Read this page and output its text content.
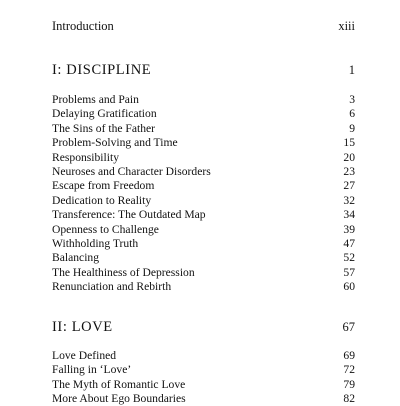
Introduction	xiii
I: DISCIPLINE	1
Problems and Pain	3
Delaying Gratification	6
The Sins of the Father	9
Problem-Solving and Time	15
Responsibility	20
Neuroses and Character Disorders	23
Escape from Freedom	27
Dedication to Reality	32
Transference: The Outdated Map	34
Openness to Challenge	39
Withholding Truth	47
Balancing	52
The Healthiness of Depression	57
Renunciation and Rebirth	60
II: LOVE	67
Love Defined	69
Falling in ‘Love’	72
The Myth of Romantic Love	79
More About Ego Boundaries	82
